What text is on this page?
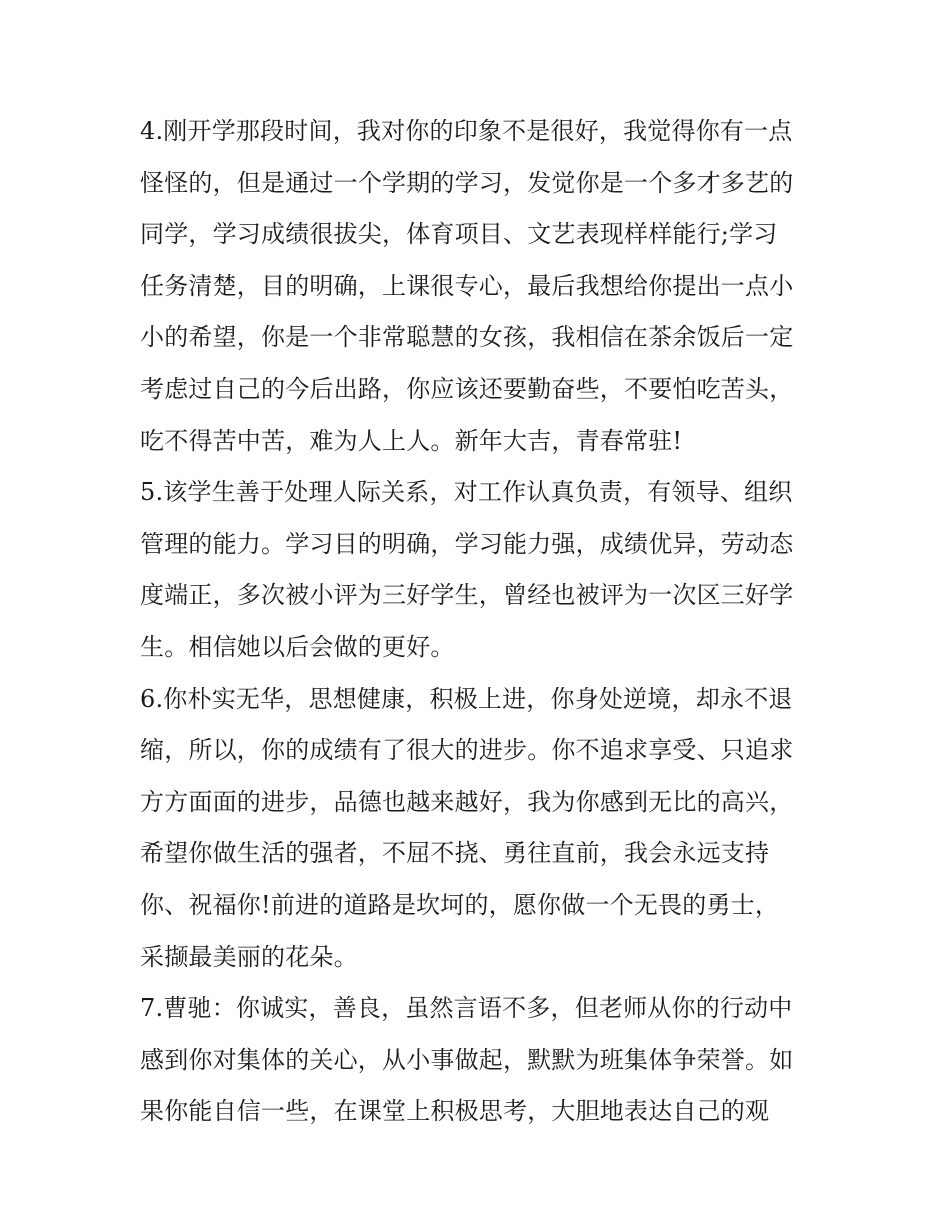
4.刚开学那段时间，我对你的印象不是很好，我觉得你有一点
怪怪的，但是通过一个学期的学习，发觉你是一个多才多艺的
同学，学习成绩很拔尖，体育项目、文艺表现样样能行;学习
任务清楚，目的明确，上课很专心，最后我想给你提出一点小
小的希望，你是一个非常聪慧的女孩，我相信在茶余饭后一定
考虑过自己的今后出路，你应该还要勤奋些，不要怕吃苦头，
吃不得苦中苦，难为人上人。新年大吉，青春常驻!
5.该学生善于处理人际关系，对工作认真负责，有领导、组织
管理的能力。学习目的明确，学习能力强，成绩优异，劳动态
度端正，多次被小评为三好学生，曾经也被评为一次区三好学
生。相信她以后会做的更好。
6.你朴实无华，思想健康，积极上进，你身处逆境，却永不退
缩，所以，你的成绩有了很大的进步。你不追求享受、只追求
方方面面的进步，品德也越来越好，我为你感到无比的高兴，
希望你做生活的强者，不屈不挠、勇往直前，我会永远支持
你、祝福你!前进的道路是坎坷的，愿你做一个无畏的勇士，
采撷最美丽的花朵。
7.曹驰：你诚实，善良，虽然言语不多，但老师从你的行动中
感到你对集体的关心，从小事做起，默默为班集体争荣誉。如
果你能自信一些，在课堂上积极思考，大胆地表达自己的观
